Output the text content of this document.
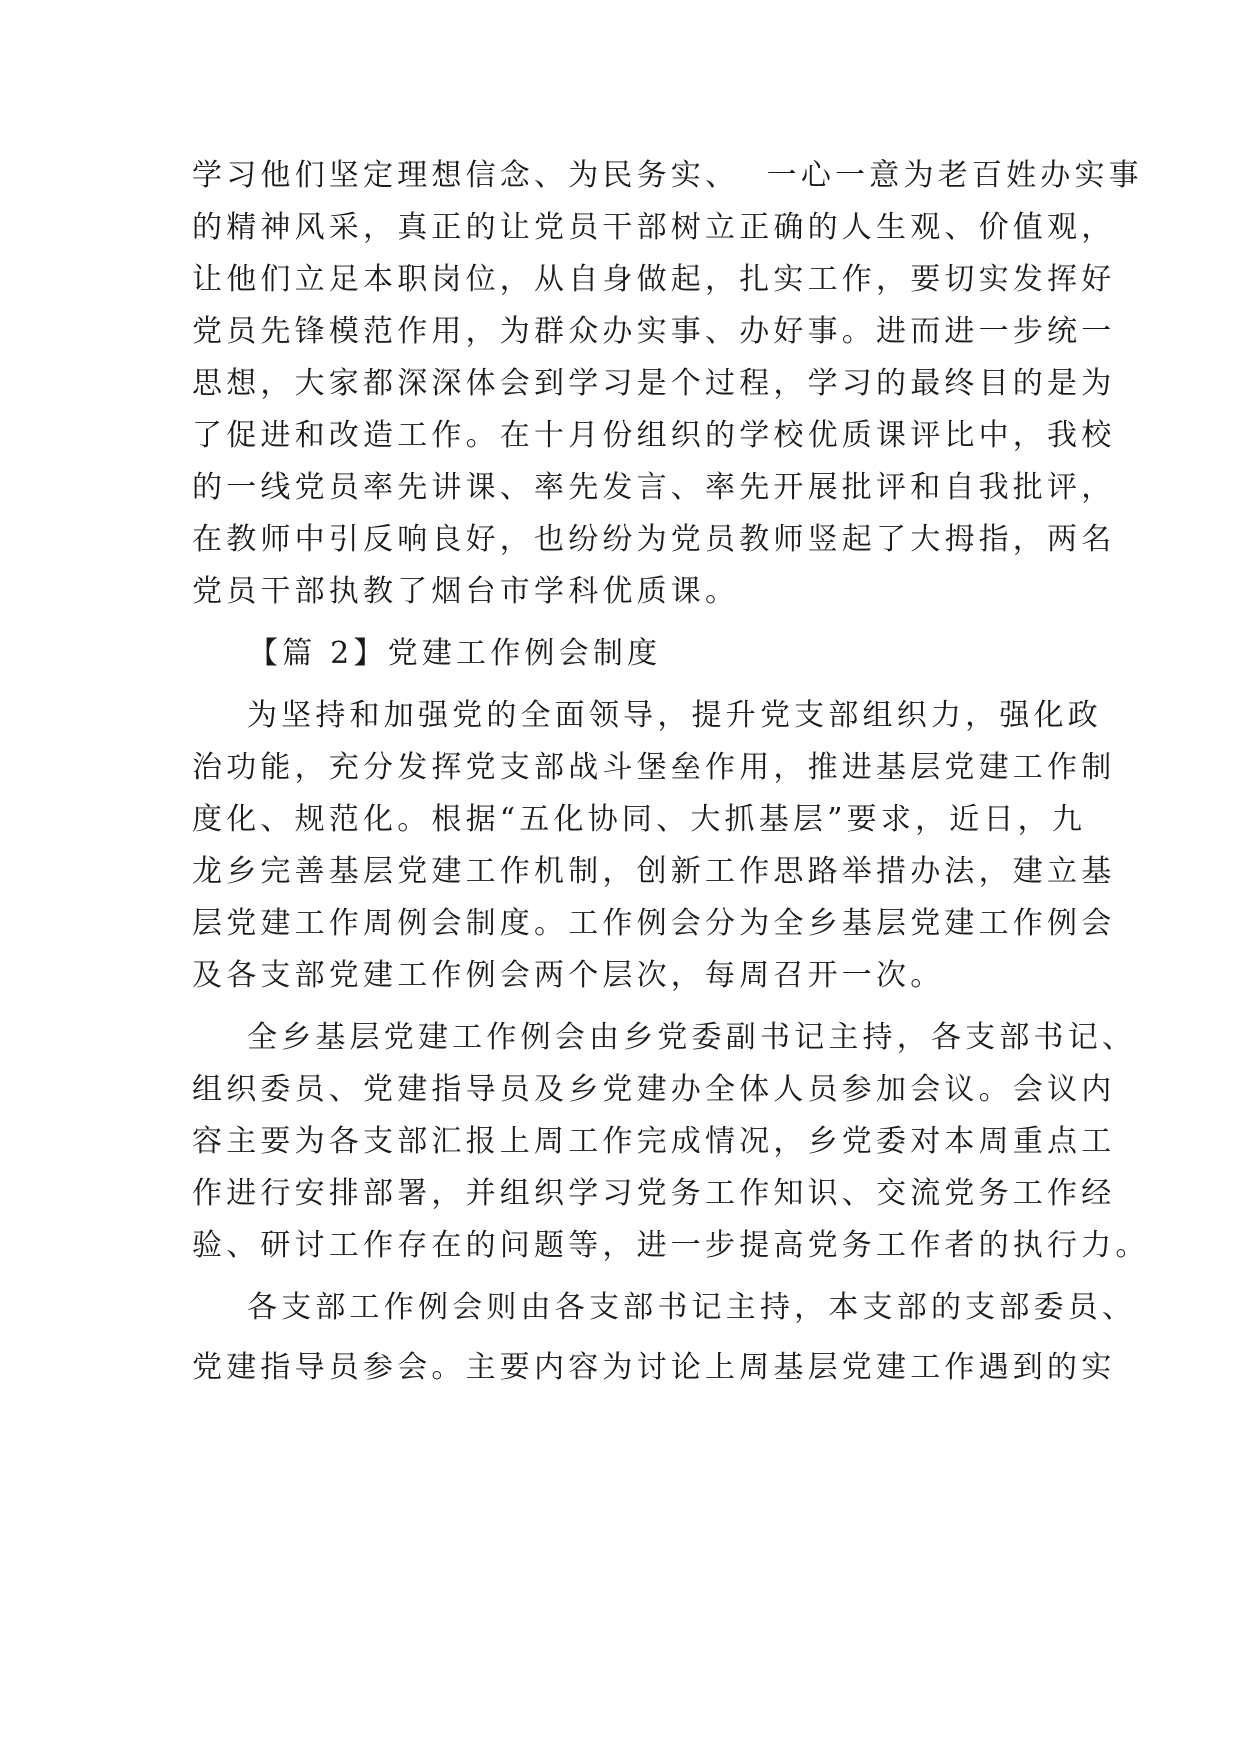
学习他们坚定理想信念、为民务实、  一心一意为老百姓办实事
的精神风采，真正的让党员干部树立正确的人生观、价值观，
让他们立足本职岗位，从自身做起，扎实工作，要切实发挥好
党员先锋模范作用，为群众办实事、办好事。进而进一步统一
思想，大家都深深体会到学习是个过程，学习的最终目的是为
了促进和改造工作。在十月份组织的学校优质课评比中，我校
的一线党员率先讲课、率先发言、率先开展批评和自我批评，
在教师中引反响良好，也纷纷为党员教师竖起了大拇指，两名
党员干部执教了烟台市学科优质课。
【篇 2】党建工作例会制度
为坚持和加强党的全面领导，提升党支部组织力，强化政
治功能，充分发挥党支部战斗堡垒作用，推进基层党建工作制
度化、规范化。根据“五化协同、大抓基层”要求，近日，九
龙乡完善基层党建工作机制，创新工作思路举措办法，建立基
层党建工作周例会制度。工作例会分为全乡基层党建工作例会
及各支部党建工作例会两个层次，每周召开一次。
全乡基层党建工作例会由乡党委副书记主持，各支部书记、
组织委员、党建指导员及乡党建办全体人员参加会议。会议内
容主要为各支部汇报上周工作完成情况，乡党委对本周重点工
作进行安排部署，并组织学习党务工作知识、交流党务工作经
验、研讨工作存在的问题等，进一步提高党务工作者的执行力。
各支部工作例会则由各支部书记主持，本支部的支部委员、
党建指导员参会。主要内容为讨论上周基层党建工作遇到的实
